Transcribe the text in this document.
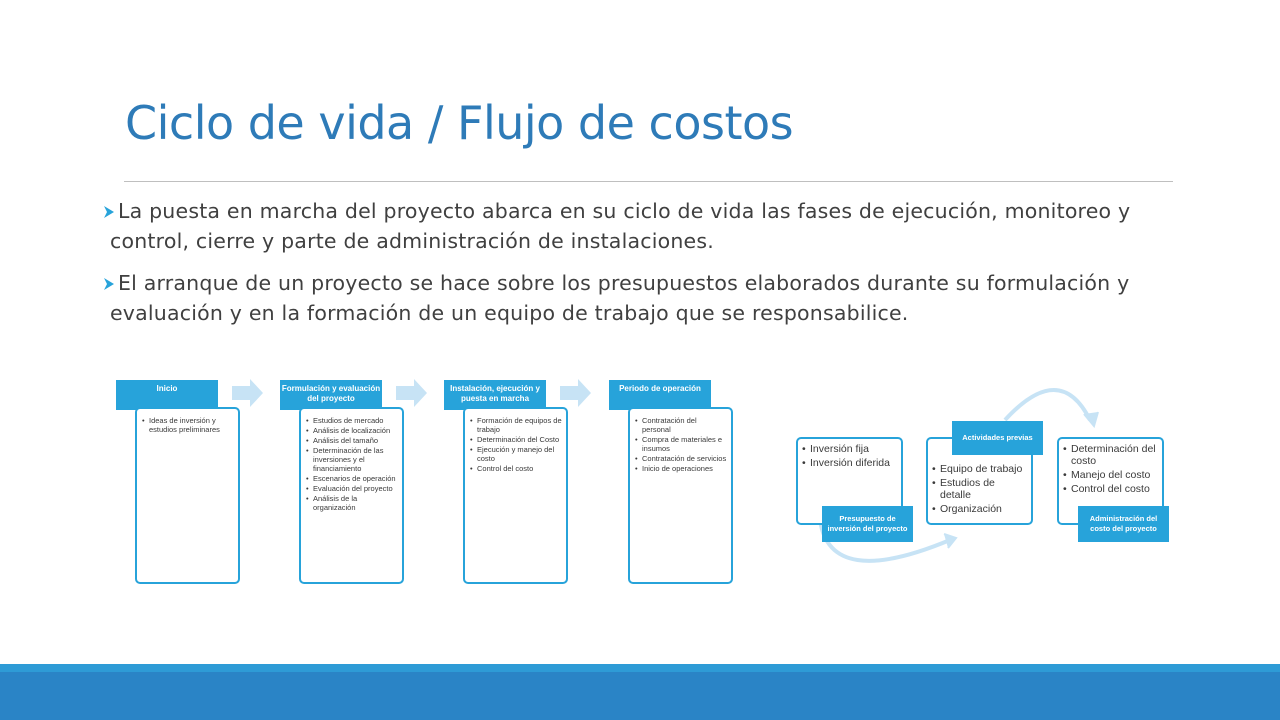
Ciclo de vida / Flujo de costos
La puesta en marcha del proyecto abarca en su ciclo de vida las fases de ejecución, monitoreo y
control, cierre y parte de administración de instalaciones.
El arranque de un proyecto se hace sobre los presupuestos elaborados durante su formulación y
evaluación y en la formación de un equipo de trabajo que se responsabilice.
Inicio
• Ideas de inversión y estudios preliminares
Formulación y evaluación del proyecto
• Estudios de mercado
• Análisis de localización
• Análisis del tamaño
• Determinación de las inversiones y el financiamiento
• Escenarios de operación
• Evaluación del proyecto
• Análisis de la organización
Instalación, ejecución y puesta en marcha
• Formación de equipos de trabajo
• Determinación del Costo
• Ejecución y manejo del costo
• Control del costo
Periodo de operación
• Contratación del personal
• Compra de materiales e insumos
• Contratación de servicios
• Inicio de operaciones
• Inversión fija
• Inversión diferida
Presupuesto de inversión del proyecto
• Equipo de trabajo
• Estudios de detalle
• Organización
Actividades previas
• Determinación del costo
• Manejo del costo
• Control del costo
Administración del costo del proyecto
